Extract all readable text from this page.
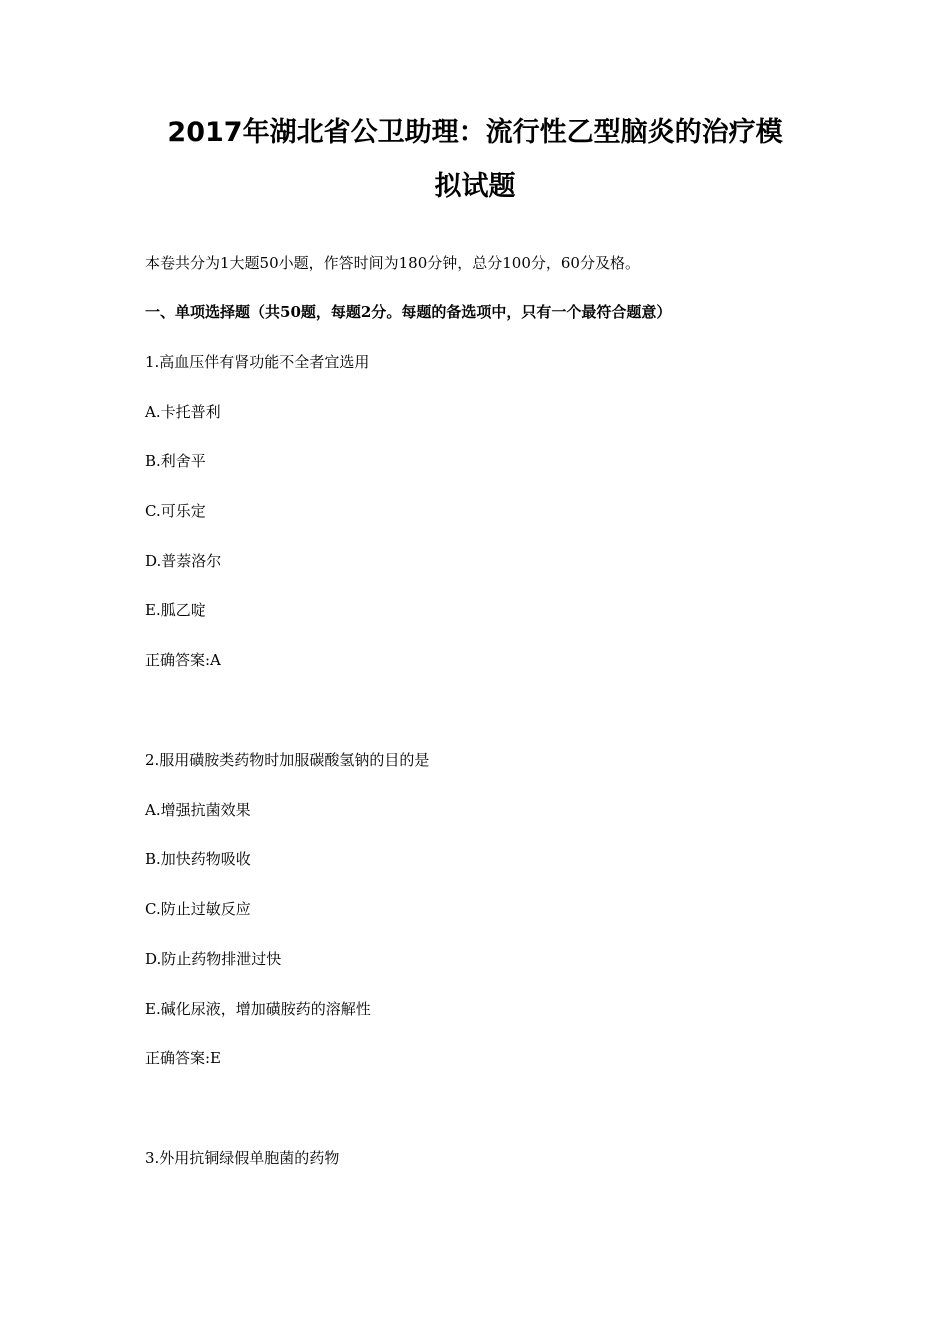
2017年湖北省公卫助理：流行性乙型脑炎的治疗模
拟试题
本卷共分为1大题50小题，作答时间为180分钟，总分100分，60分及格。
一、单项选择题（共50题，每题2分。每题的备选项中，只有一个最符合题意）
1.高血压伴有肾功能不全者宜选用
A.卡托普利
B.利舍平
C.可乐定
D.普萘洛尔
E.胍乙啶
正确答案:A
2.服用磺胺类药物时加服碳酸氢钠的目的是
A.增强抗菌效果
B.加快药物吸收
C.防止过敏反应
D.防止药物排泄过快
E.碱化尿液，增加磺胺药的溶解性
正确答案:E
3.外用抗铜绿假单胞菌的药物
